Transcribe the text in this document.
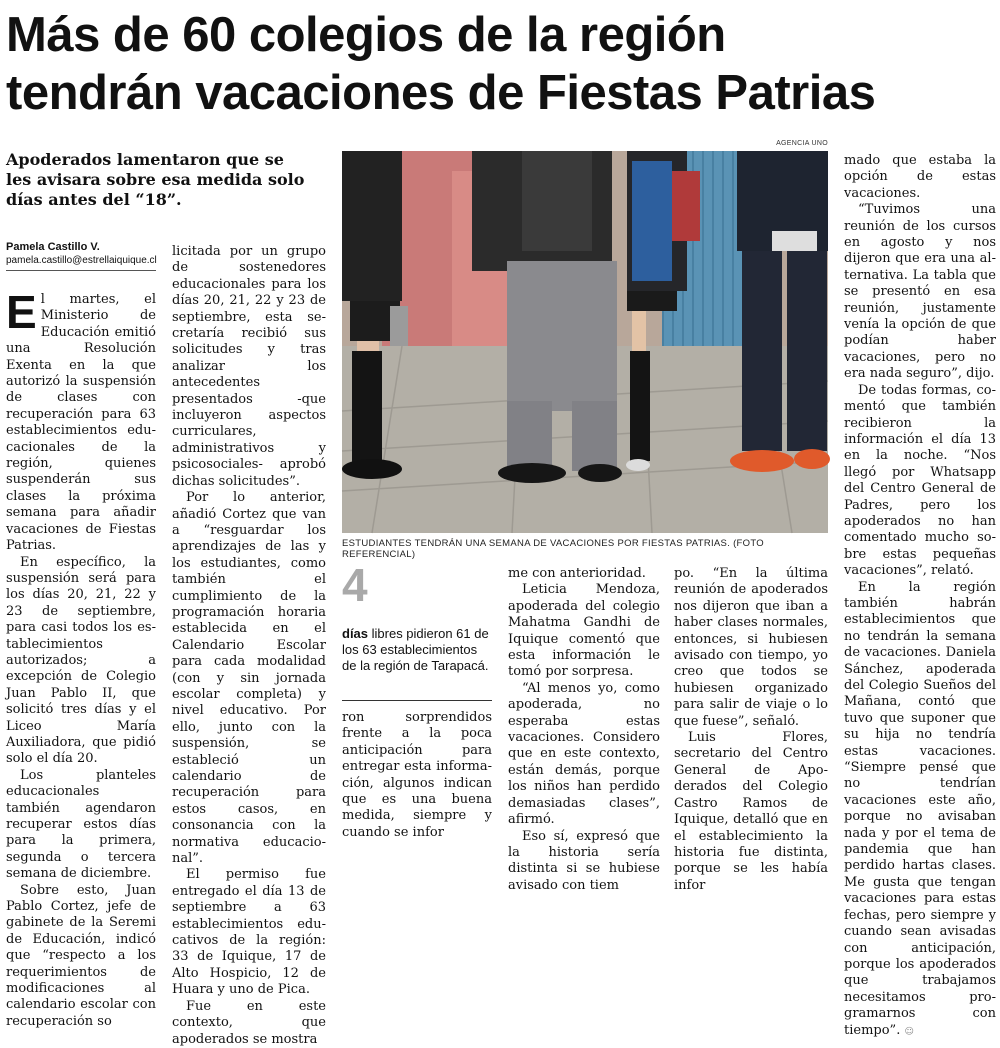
Más de 60 colegios de la región
tendrán vacaciones de Fiestas Patrias
Apoderados lamentaron que se les avisara sobre esa medida solo días antes del “18”.
Pamela Castillo V.
pamela.castillo@estrellaiquique.cl

El martes, el Ministerio de Educación emitió una Resolución Exenta en la que autorizó la suspensión de clases con recuperación para 63 establecimientos educacionales de la región, quienes suspenderán sus clases la próxima semana para añadir vacaciones de Fiestas Patrias.

En específico, la suspensión será para los días 20, 21, 22 y 23 de septiembre, para casi todos los establecimientos autorizados; a excepción de Colegio Juan Pablo II, que solicitó tres días y el Liceo María Auxiliadora, que pidió solo el día 20.

Los planteles educacionales también agendaron recuperar estos días para la primera, segunda o tercera semana de diciembre.

Sobre esto, Juan Pablo Cortez, jefe de gabinete de la Seremi de Educación, indicó que “respecto a los requerimientos de modificaciones al calendario escolar con recuperación so

licitada por un grupo de sostenedores educacionales para los días 20, 21, 22 y 23 de septiembre, esta secretaría recibió sus solicitudes y tras analizar los antecedentes presentados -que incluyeron aspectos curriculares, administrativos y psicosociales- aprobó dichas solicitudes”.

Por lo anterior, añadió Cortez que van a “resguardar los aprendizajes de las y los estudiantes, como también el cumplimiento de la programación horaria establecida en el Calendario Escolar para cada modalidad (con y sin jornada escolar completa) y nivel educativo. Por ello, junto con la suspensión, se estableció un calendario de recuperación para estos casos, en consonancia con la normativa educacional”.

El permiso fue entregado el día 13 de septiembre a 63 establecimientos educativos de la región: 33 de Iquique, 17 de Alto Hospicio, 12 de Huara y uno de Pica.

Fue en este contexto, que apoderados se mostra

AGENCIA UNO
ESTUDIANTES TENDRÁN UNA SEMANA DE VACACIONES POR FIESTAS PATRIAS. (FOTO REFERENCIAL)
4
días libres pidieron 61 de los 63 establecimientos de la región de Tarapacá.

ron sorprendidos frente a la poca anticipación para entregar esta información, algunos indican que es una buena medida, siempre y cuando se infor

me con anterioridad.

Leticia Mendoza, apoderada del colegio Mahatma Gandhi de Iquique comentó que esta información le tomó por sorpresa.

“Al menos yo, como apoderada, no esperaba estas vacaciones. Considero que en este contexto, están demás, porque los niños han perdido demasiadas clases”, afirmó.

Eso sí, expresó que la historia sería distinta si se hubiese avisado con tiem

po. “En la última reunión de apoderados nos dijeron que iban a haber clases normales, entonces, si hubiesen avisado con tiempo, yo creo que todos se hubiesen organizado para salir de viaje o lo que fuese”, señaló.

Luis Flores, secretario del Centro General de Apoderados del Colegio Castro Ramos de Iquique, detalló que en el establecimiento la historia fue distinta, porque se les había infor

mado que estaba la opción de estas vacaciones.

“Tuvimos una reunión de los cursos en agosto y nos dijeron que era una alternativa. La tabla que se presentó en esa reunión, justamente venía la opción de que podían haber vacaciones, pero no era nada seguro”, dijo.

De todas formas, comentó que también recibieron la información el día 13 en la noche. “Nos llegó por Whatsapp del Centro General de Padres, pero los apoderados no han comentado mucho sobre estas pequeñas vacaciones”, relató.

En la región también habrán establecimientos que no tendrán la semana de vacaciones. Daniela Sánchez, apoderada del Colegio Sueños del Mañana, contó que tuvo que suponer que su hija no tendría estas vacaciones. “Siempre pensé que no tendrían vacaciones este año, porque no avisaban nada y por el tema de pandemia que han perdido hartas clases. Me gusta que tengan vacaciones para estas fechas, pero siempre y cuando sean avisadas con anticipación, porque los apoderados que trabajamos necesitamos programarnos con tiempo”. ☺
